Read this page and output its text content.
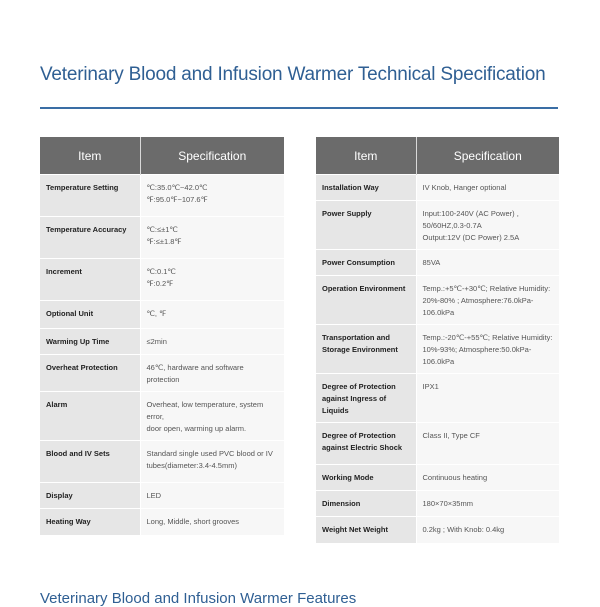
Veterinary Blood and Infusion Warmer Technical Specification
Item	Specification
Temperature Setting	℃:35.0℃~42.0℃
℉:95.0℉~107.6℉

Temperature Accuracy	℃:≤±1℃
℉:≤±1.8℉

Increment	℃:0.1℃
℉:0.2℉

Optional Unit	℃, ℉

Warming Up Time	≤2min

Overheat Protection	46℃, hardware and software protection

Alarm	Overheat, low temperature, system error,
door open, warming up alarm.

Blood and IV Sets	Standard single used PVC blood or IV
tubes(diameter:3.4-4.5mm)

Display	LED

Heating Way	Long, Middle, short grooves
Item	Specification
Installation Way	IV Knob, Hanger optional

Power Supply	Input:100-240V (AC Power) , 50/60HZ,0.3-0.7A
Output:12V (DC Power) 2.5A

Power Consumption	85VA

Operation Environment	Temp.:+5℃-+30℃; Relative Humidity:
20%-80% ; Atmosphere:76.0kPa-106.0kPa

Transportation and Storage Environment	Temp.:-20℃-+55℃; Relative Humidity:
10%-93%; Atmosphere:50.0kPa-106.0kPa

Degree of Protection against Ingress of Liquids	IPX1

Degree of Protection against Electric Shock	Class II, Type CF

Working Mode	Continuous heating

Dimension	180×70×35mm

Weight Net Weight	0.2kg ; With Knob: 0.4kg
Veterinary Blood and Infusion Warmer Features
